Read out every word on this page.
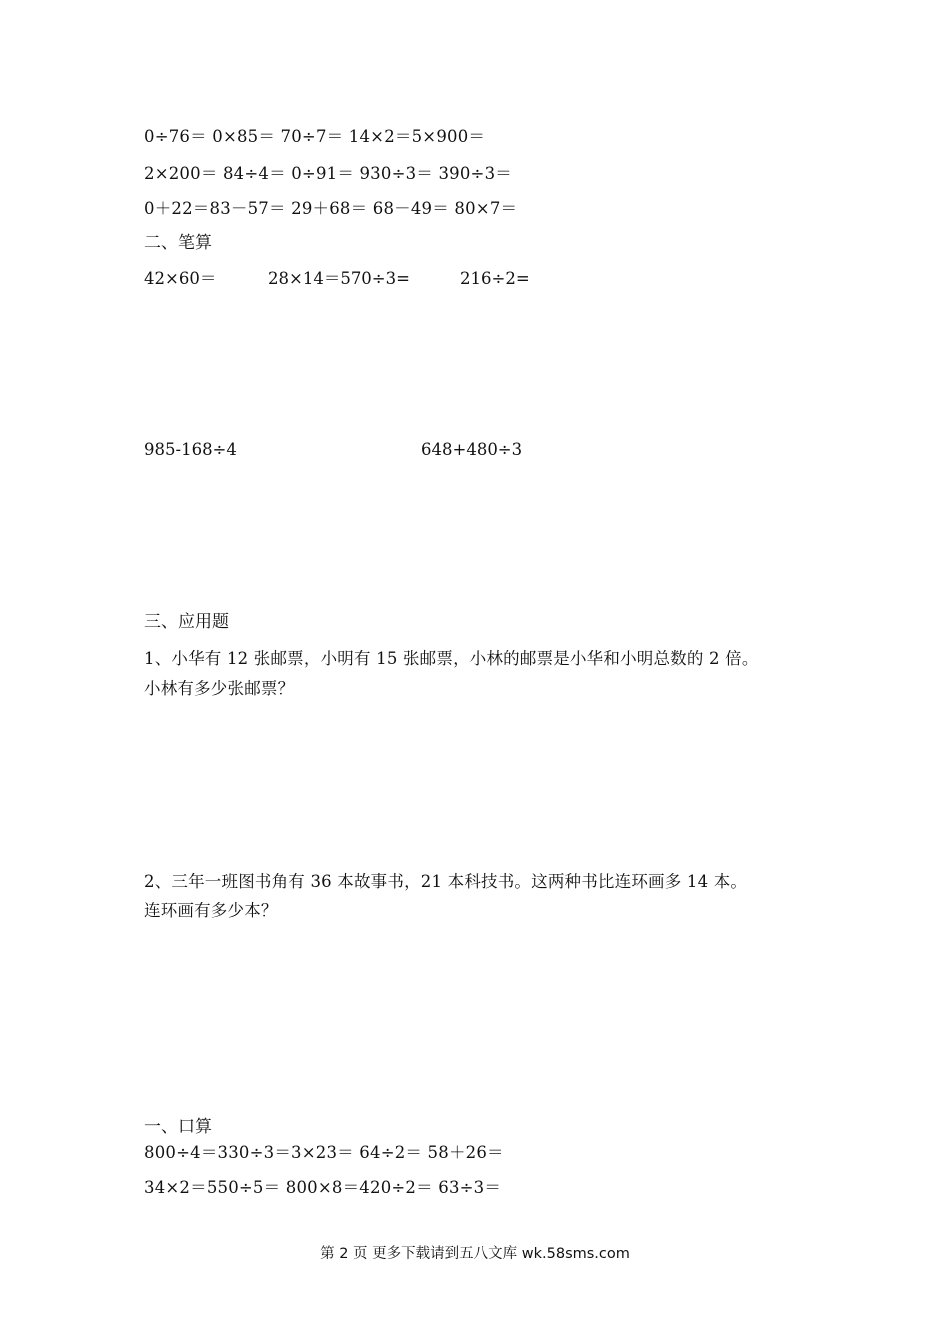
0÷76＝ 0×85＝ 70÷7＝ 14×2＝5×900＝
2×200＝ 84÷4＝ 0÷91＝ 930÷3＝ 390÷3＝
0＋22＝83－57＝ 29＋68＝ 68－49＝ 80×7＝
二、笔算
42×60＝	28×14＝570÷3=	216÷2=
985-168÷4	648+480÷3
三、应用题
1、小华有 12 张邮票，小明有 15 张邮票，小林的邮票是小华和小明总数的 2 倍。
小林有多少张邮票？
2、三年一班图书角有 36 本故事书，21 本科技书。这两种书比连环画多 14 本。
连环画有多少本？
一、口算
800÷4＝330÷3＝3×23＝ 64÷2＝ 58＋26＝
34×2＝550÷5＝ 800×8＝420÷2＝ 63÷3＝
第 2 页 更多下载请到五八文库 wk.58sms.com
